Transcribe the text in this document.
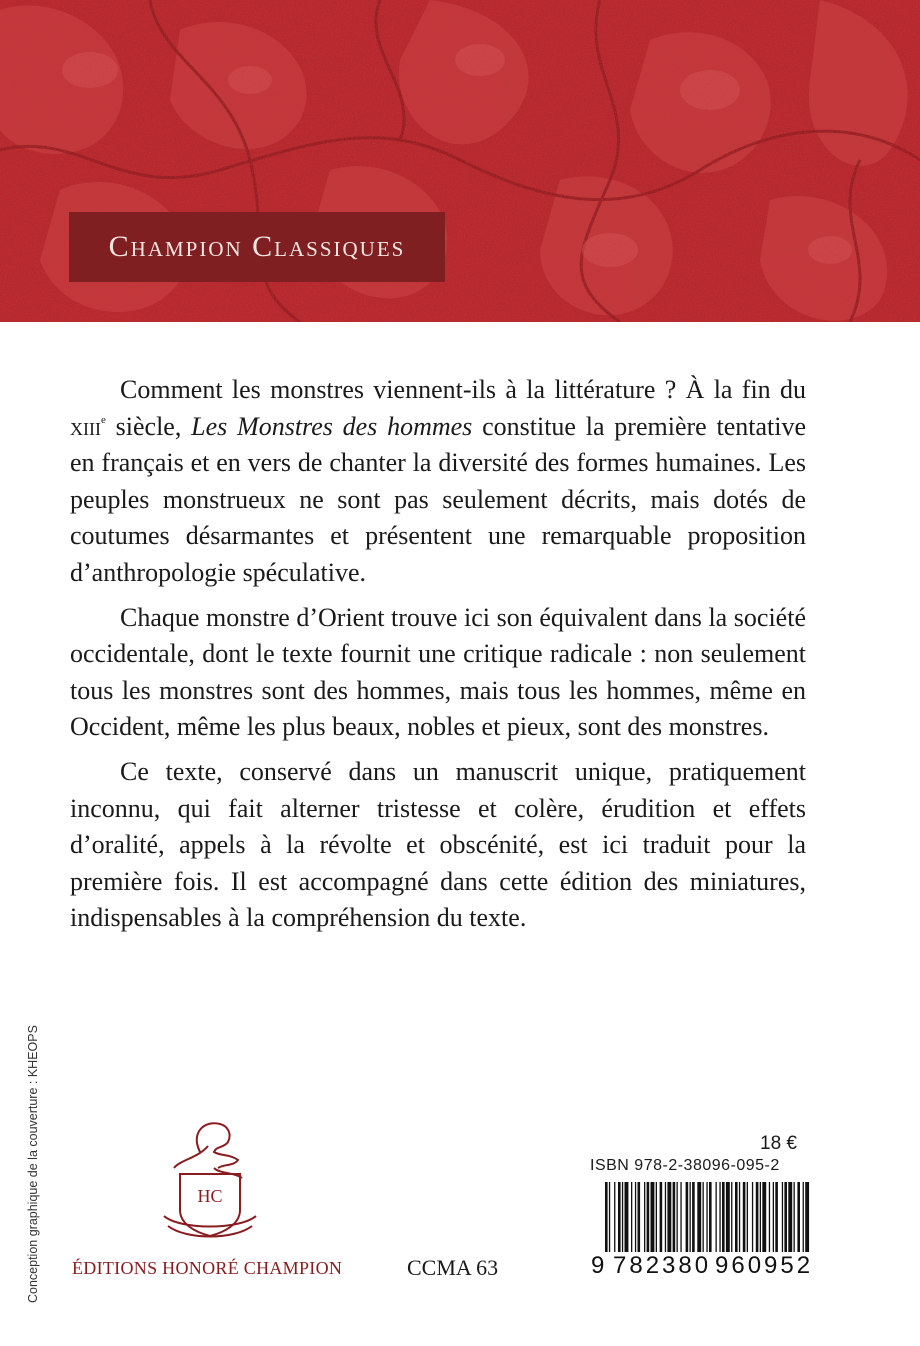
Champion Classiques

Comment les monstres viennent-ils à la littérature ? À la fin du xiii$^e$ siècle, Les Monstres des hommes constitue la première tentative en français et en vers de chanter la diversité des formes humaines. Les peuples monstrueux ne sont pas seulement décrits, mais dotés de coutumes désarmantes et présentent une remarquable proposition d’anthropologie spéculative.

Chaque monstre d’Orient trouve ici son équivalent dans la société occidentale, dont le texte fournit une critique radicale : non seulement tous les monstres sont des hommes, mais tous les hommes, même en Occident, même les plus beaux, nobles et pieux, sont des monstres.

Ce texte, conservé dans un manuscrit unique, pratiquement inconnu, qui fait alterner tristesse et colère, érudition et effets d’oralité, appels à la révolte et obscénité, est ici traduit pour la première fois. Il est accompagné dans cette édition des miniatures, indispensables à la compréhension du texte.

Conception graphique de la couverture : KHEOPS	HC
ÉDITIONS HONORÉ CHAMPION	CCMA 63
18 €
ISBN 978-2-38096-095-2
9 782380 960952
